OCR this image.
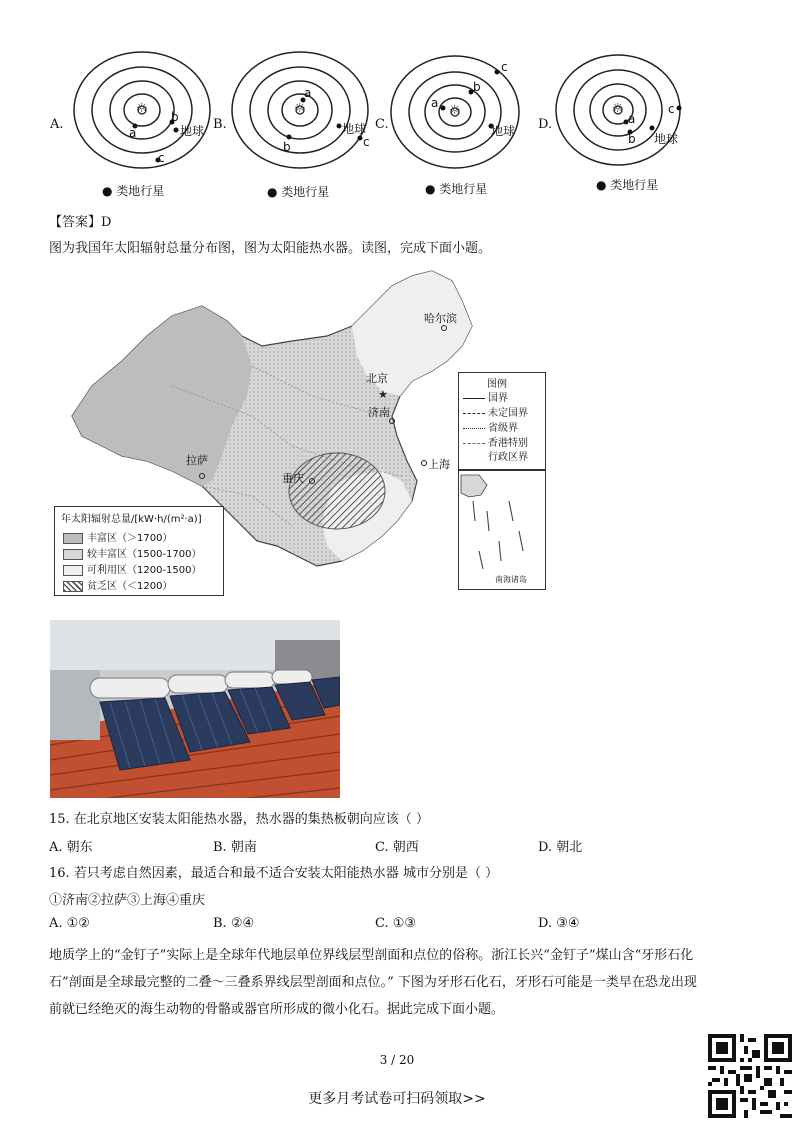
a
b
c
地球
● 类地行星
A.
a
b	c
地球
● 类地行星
B.
a
b
c
地球
● 类地行星
C.	a
b
c
地球
● 类地行星
D.
【答案】D
图为我国年太阳辐射总量分布图，图为太阳能热水器。读图，完成下面小题。
★
哈尔滨
北京
济南
拉萨	上海
重庆
图例
国界
未定国界
省级界
香港特别
行政区界
南海诸岛
年太阳辐射总量/[kW·h/(m²·a)]
丰富区（＞1700）
较丰富区（1500-1700）
可利用区（1200-1500）
贫乏区（＜1200）
15. 在北京地区安装太阳能热水器，热水器的集热板朝向应该（ ）
A. 朝东	B. 朝南	C. 朝西	D. 朝北
16. 若只考虑自然因素，最适合和最不适合安装太阳能热水器 城市分别是（ ）
①济南②拉萨③上海④重庆
A. ①②	B. ②④	C. ①③	D. ③④
地质学上的“金钉子”实际上是全球年代地层单位界线层型剖面和点位的俗称。浙江长兴“金钉子”煤山含“牙形石化
石”剖面是全球最完整的二叠～三叠系界线层型剖面和点位。” 下图为牙形石化石，牙形石可能是一类早在恐龙出现
前就已经绝灭的海生动物的骨骼或器官所形成的微小化石。据此完成下面小题。
3 / 20
更多月考试卷可扫码领取>>
☼	☼	☼	☼
